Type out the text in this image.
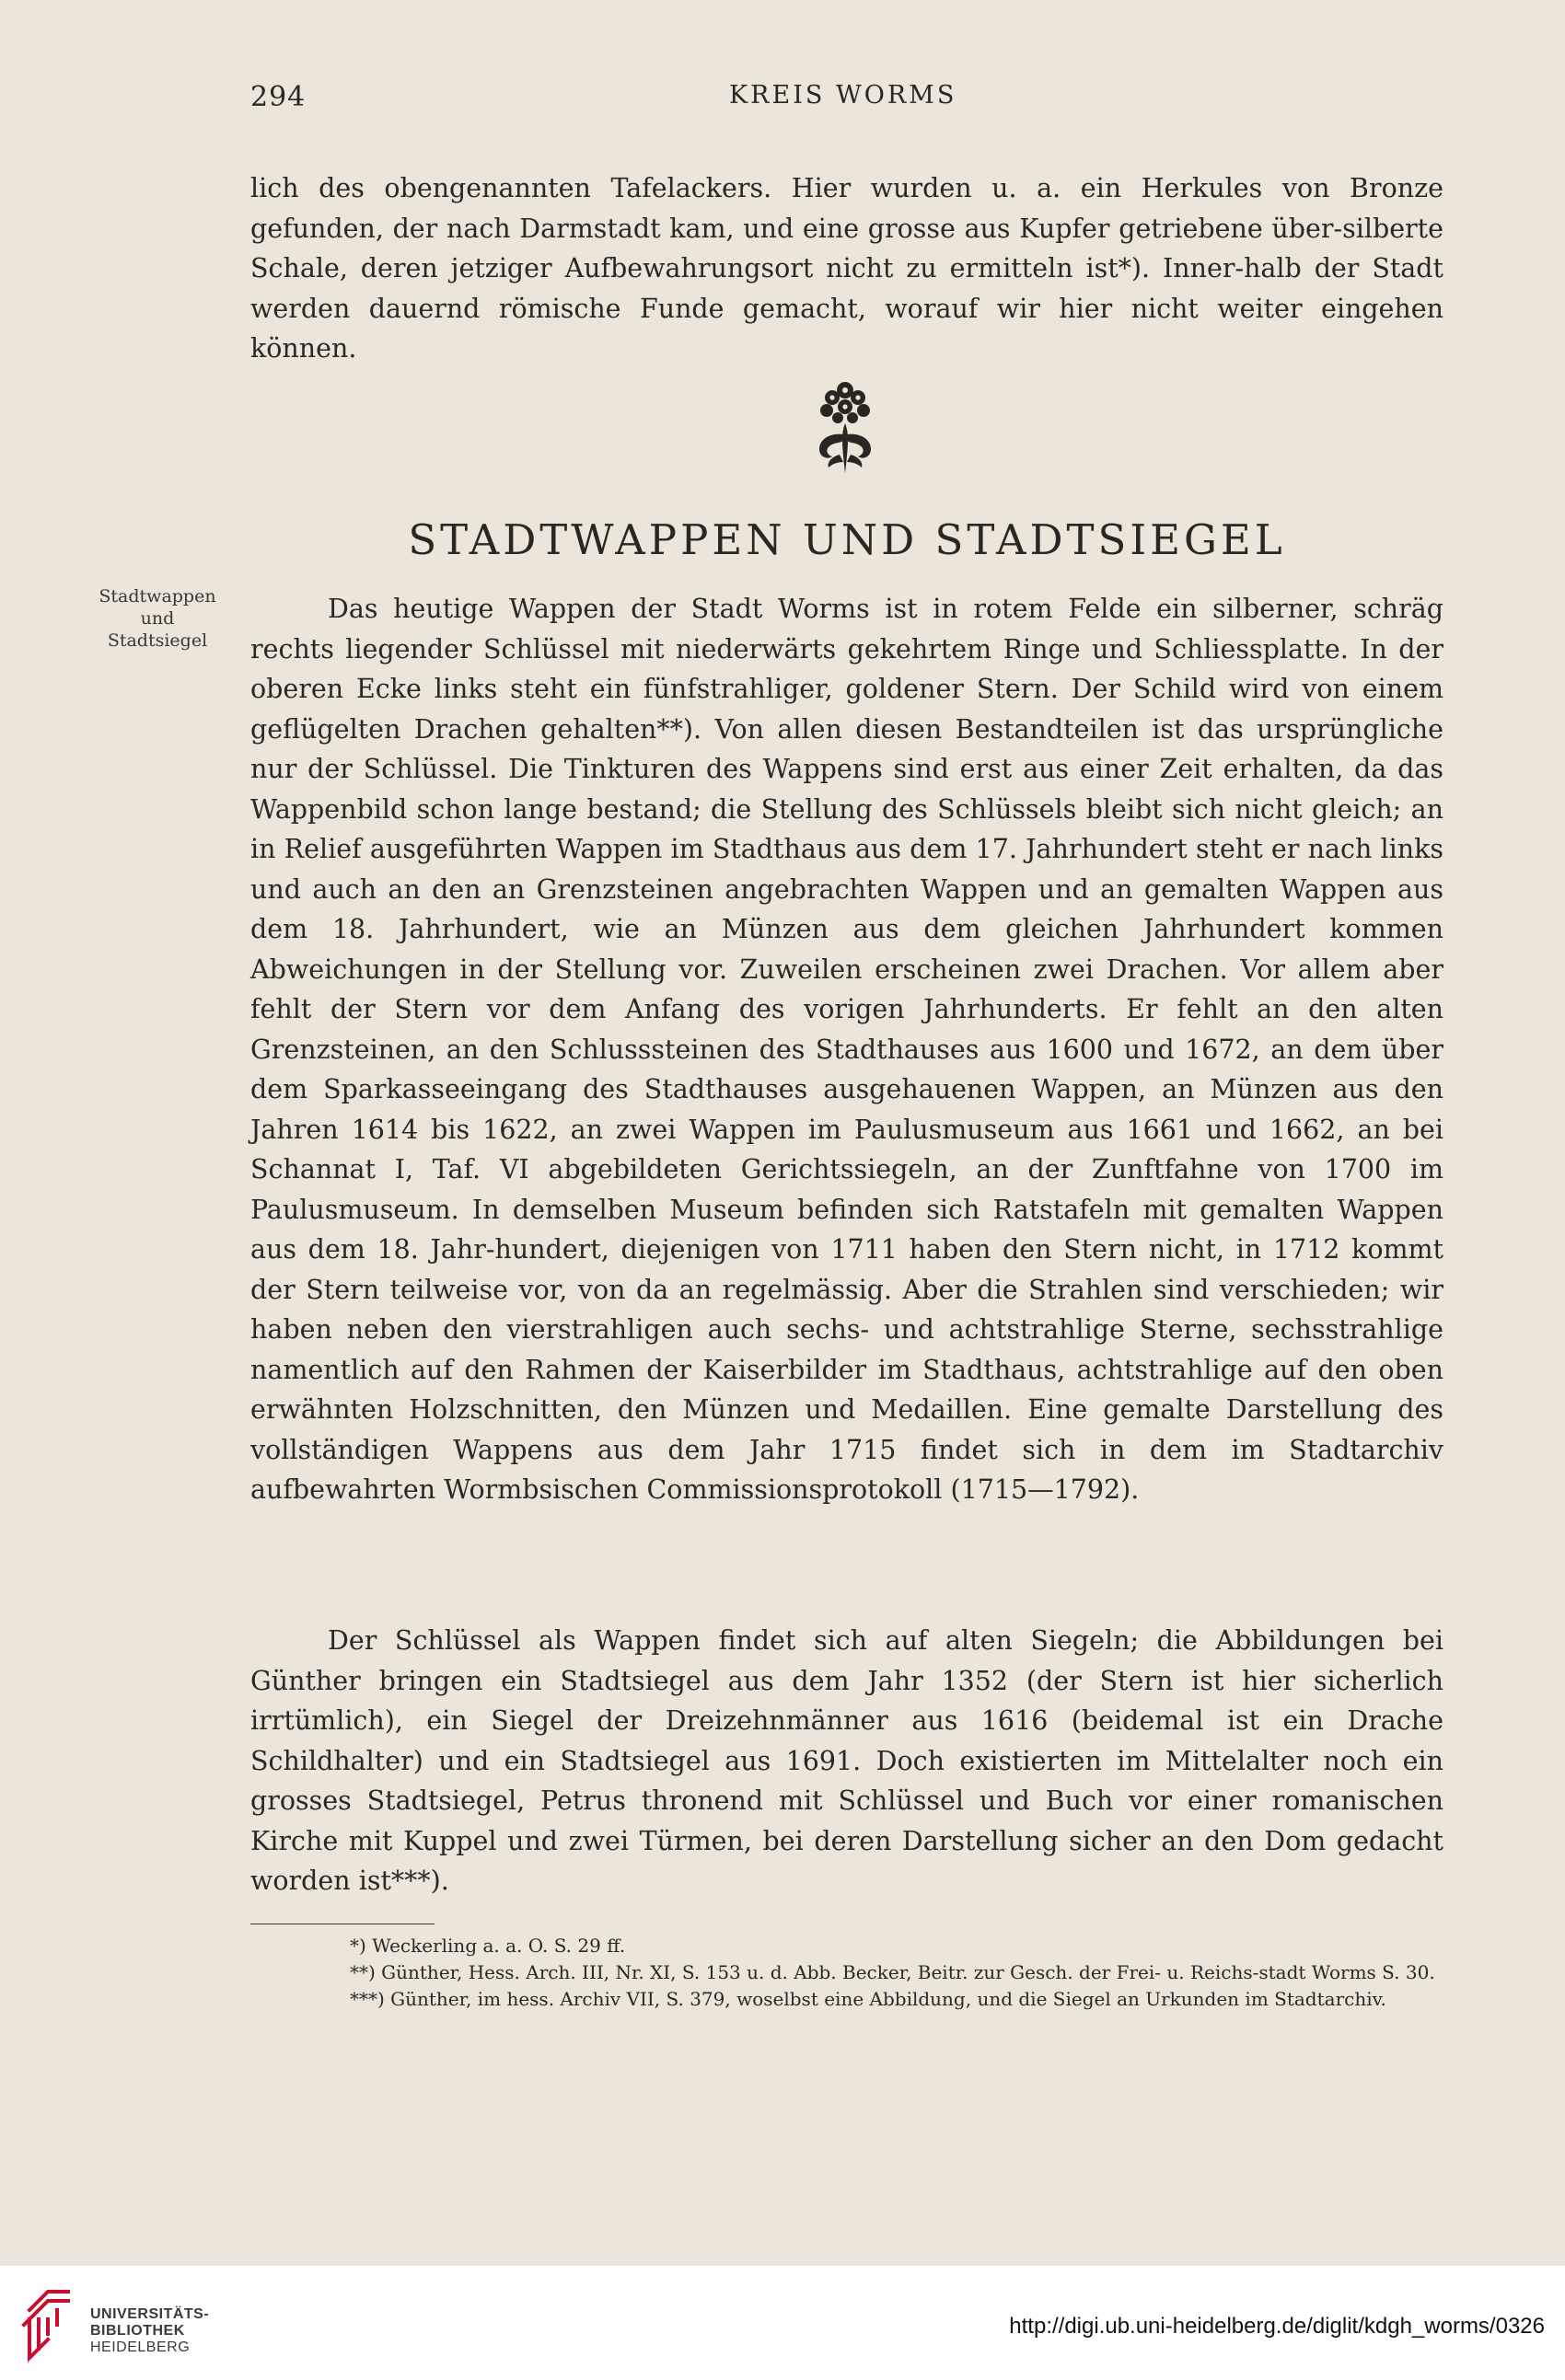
294	KREIS WORMS

lich des obengenannten Tafelackers. Hier wurden u. a. ein Herkules von Bronze gefunden, der nach Darmstadt kam, und eine grosse aus Kupfer getriebene über-silberte Schale, deren jetziger Aufbewahrungsort nicht zu ermitteln ist*). Inner-halb der Stadt werden dauernd römische Funde gemacht, worauf wir hier nicht weiter eingehen können.

STADTWAPPEN UND STADTSIEGEL
Stadtwappen
und
Stadtsiegel

Das heutige Wappen der Stadt Worms ist in rotem Felde ein silberner, schräg rechts liegender Schlüssel mit niederwärts gekehrtem Ringe und Schliessplatte. In der oberen Ecke links steht ein fünfstrahliger, goldener Stern. Der Schild wird von einem geflügelten Drachen gehalten**). Von allen diesen Bestandteilen ist das ursprüngliche nur der Schlüssel. Die Tinkturen des Wappens sind erst aus einer Zeit erhalten, da das Wappenbild schon lange bestand; die Stellung des Schlüssels bleibt sich nicht gleich; an in Relief ausgeführten Wappen im Stadthaus aus dem 17. Jahrhundert steht er nach links und auch an den an Grenzsteinen angebrachten Wappen und an gemalten Wappen aus dem 18. Jahrhundert, wie an Münzen aus dem gleichen Jahrhundert kommen Abweichungen in der Stellung vor. Zuweilen erscheinen zwei Drachen. Vor allem aber fehlt der Stern vor dem Anfang des vorigen Jahrhunderts. Er fehlt an den alten Grenzsteinen, an den Schlusssteinen des Stadthauses aus 1600 und 1672, an dem über dem Sparkasseeingang des Stadthauses ausgehauenen Wappen, an Münzen aus den Jahren 1614 bis 1622, an zwei Wappen im Paulusmuseum aus 1661 und 1662, an bei Schannat I, Taf. VI abgebildeten Gerichtssiegeln, an der Zunftfahne von 1700 im Paulusmuseum. In demselben Museum befinden sich Ratstafeln mit gemalten Wappen aus dem 18. Jahr-hundert, diejenigen von 1711 haben den Stern nicht, in 1712 kommt der Stern teilweise vor, von da an regelmässig. Aber die Strahlen sind verschieden; wir haben neben den vierstrahligen auch sechs- und achtstrahlige Sterne, sechsstrahlige namentlich auf den Rahmen der Kaiserbilder im Stadthaus, achtstrahlige auf den oben erwähnten Holzschnitten, den Münzen und Medaillen. Eine gemalte Darstellung des vollständigen Wappens aus dem Jahr 1715 findet sich in dem im Stadtarchiv aufbewahrten Wormbsischen Commissionsprotokoll (1715—1792).

Der Schlüssel als Wappen findet sich auf alten Siegeln; die Abbildungen bei Günther bringen ein Stadtsiegel aus dem Jahr 1352 (der Stern ist hier sicherlich irrtümlich), ein Siegel der Dreizehnmänner aus 1616 (beidemal ist ein Drache Schildhalter) und ein Stadtsiegel aus 1691. Doch existierten im Mittelalter noch ein grosses Stadtsiegel, Petrus thronend mit Schlüssel und Buch vor einer romanischen Kirche mit Kuppel und zwei Türmen, bei deren Darstellung sicher an den Dom gedacht worden ist***).

*) Weckerling a. a. O. S. 29 ff.

**) Günther, Hess. Arch. III, Nr. XI, S. 153 u. d. Abb. Becker, Beitr. zur Gesch. der Frei- u. Reichs-stadt Worms S. 30.

***) Günther, im hess. Archiv VII, S. 379, woselbst eine Abbildung, und die Siegel an Urkunden im Stadtarchiv.

UNIVERSITÄTS-
BIBLIOTHEK
HEIDELBERG
http://digi.ub.uni-heidelberg.de/diglit/kdgh_worms/0326
